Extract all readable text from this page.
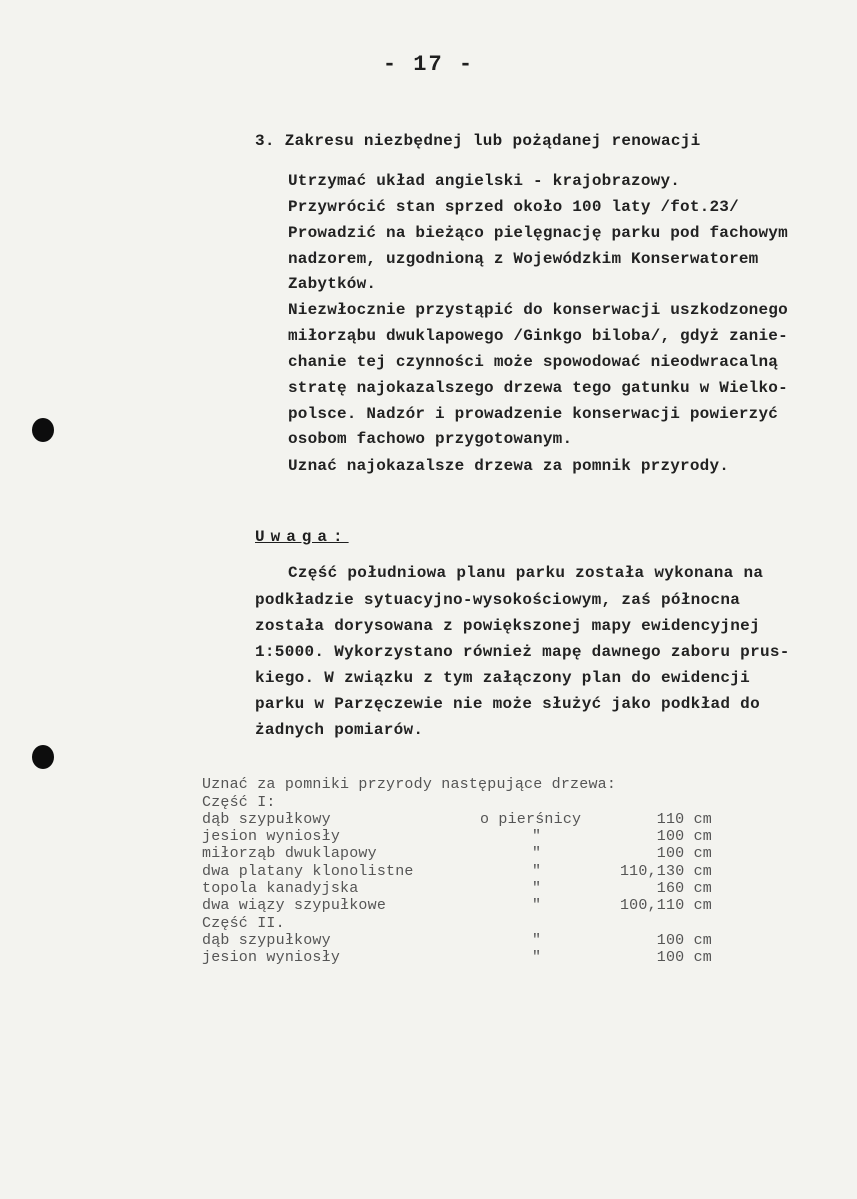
- 17 -
3. Zakresu niezbędnej lub pożądanej renowacji
Utrzymać układ angielski - krajobrazowy.
Przywrócić stan sprzed około 100 laty /fot.23/
Prowadzić na bieżąco pielęgnację parku pod fachowym
nadzorem, uzgodnioną z Wojewódzkim Konserwatorem
Zabytków.
Niezwłocznie przystąpić do konserwacji uszkodzonego
miłorząbu dwuklapowego /Ginkgo biloba/, gdyż zanie-
chanie tej czynności może spowodować nieodwracalną
stratę najokazalszego drzewa tego gatunku w Wielko-
polsce. Nadzór i prowadzenie konserwacji powierzyć
osobom fachowo przygotowanym.
Uznać najokazalsze drzewa za pomnik przyrody.
Uwaga:
Część południowa planu parku została wykonana na
podkładzie sytuacyjno-wysokościowym, zaś północna
została dorysowana z powiększonej mapy ewidencyjnej
1:5000. Wykorzystano również mapę dawnego zaboru prus-
kiego. W związku z tym załączony plan do ewidencji
parku w Parzęczewie nie może służyć jako podkład do
żadnych pomiarów.
Uznać za pomniki przyrody następujące drzewa:
Część I:
dąb szypułkowy	o pierśnicy	110 cm
jesion wyniosły	"	100 cm
miłorząb dwuklapowy	"	100 cm
dwa platany klonolistne	"	110,130 cm
topola kanadyjska	"	160 cm
dwa wiązy szypułkowe	"	100,110 cm
Część II.
dąb szypułkowy	"	100 cm
jesion wyniosły	"	100 cm
